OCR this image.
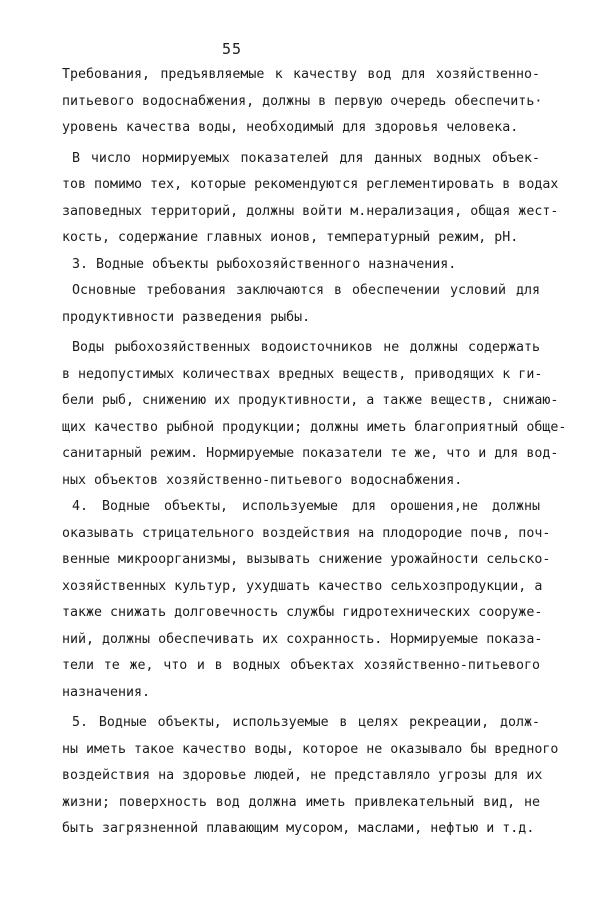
55
Требования, предъявляемые к качеству вод для хозяйственно-
питьевого водоснабжения, должны в первую очередь обеспечить·
уровень качества воды, необходимый для здоровья человека.
В число нормируемых показателей для данных водных объек-
тов помимо тех, которые рекомендуются реглементировать в водах
заповедных территорий, должны войти м.нерализация, общая жест-
кость, содержание главных ионов, температурный режим, рН.
3. Водные объекты рыбохозяйственного назначения.
Основные требования заключаются в обеспечении условий для
продуктивности разведения рыбы.
Воды рыбохозяйственных водоисточников не должны содержать
в недопустимых количествах вредных веществ, приводящих к ги-
бели рыб, снижению их продуктивности, а также веществ, снижаю-
щих качество рыбной продукции; должны иметь благоприятный обще-
санитарный режим. Нормируемые показатели те же, что и для вод-
ных объектов хозяйственно-питьевого водоснабжения.
4. Водные объекты, используемые для орошения,не должны
оказывать стрицательного воздействия на плодородие почв, поч-
венные микроорганизмы, вызывать снижение урожайности сельско-
хозяйственных культур, ухудшать качество сельхозпродукции, а
также снижать долговечность службы гидротехнических сооруже-
ний, должны обеспечивать их сохранность. Нормируемые показа-
тели те же, что и в водных объектах хозяйственно-питьевого
назначения.
5. Водные объекты, используемые в целях рекреации, долж-
ны иметь такое качество воды, которое не оказывало бы вредного
воздействия на здоровье людей, не представляло угрозы для их
жизни; поверхность вод должна иметь привлекательный вид, не
быть загрязненной плавающим мусором, маслами, нефтью и т.д.
